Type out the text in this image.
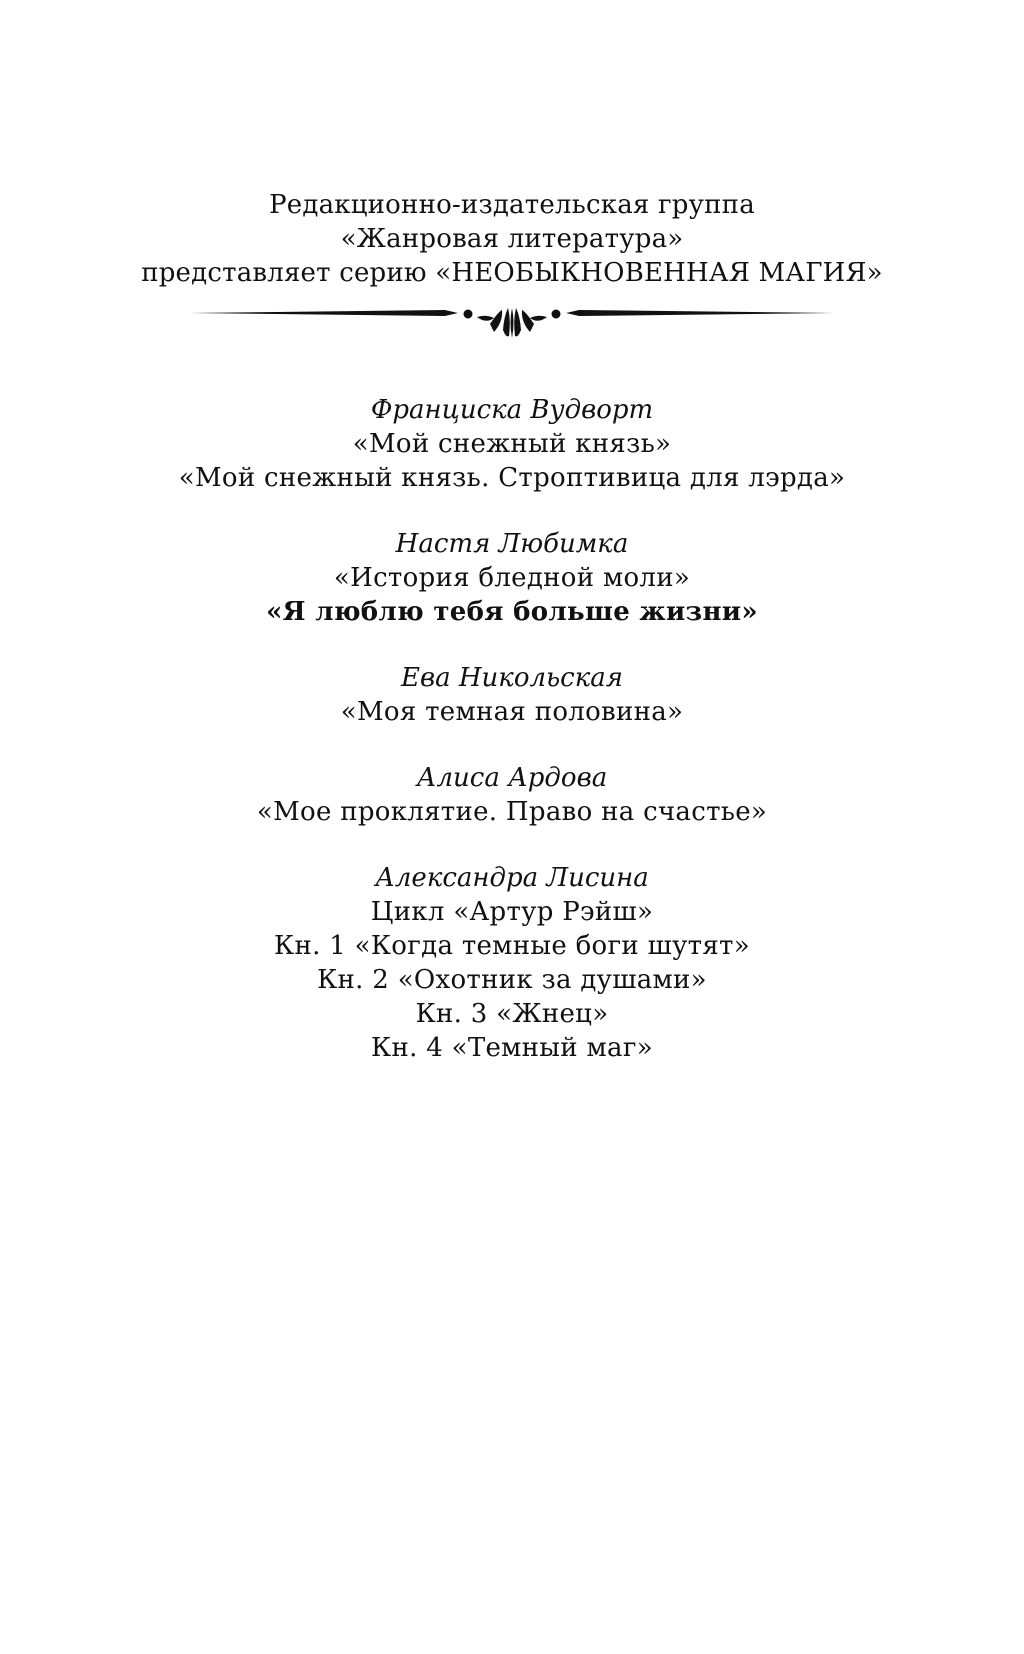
Редакционно-издательская группа
«Жанровая литература»
представляет серию «НЕОБЫКНОВЕННАЯ МАГИЯ»
Франциска Вудворт
«Мой снежный князь»
«Мой снежный князь. Строптивица для лэрда»
Настя Любимка
«История бледной моли»
«Я люблю тебя больше жизни»
Ева Никольская
«Моя темная половина»
Алиса Ардова
«Мое проклятие. Право на счастье»
Александра Лисина
Цикл «Артур Рэйш»
Кн. 1 «Когда темные боги шутят»
Кн. 2 «Охотник за душами»
Кн. 3 «Жнец»
Кн. 4 «Темный маг»
